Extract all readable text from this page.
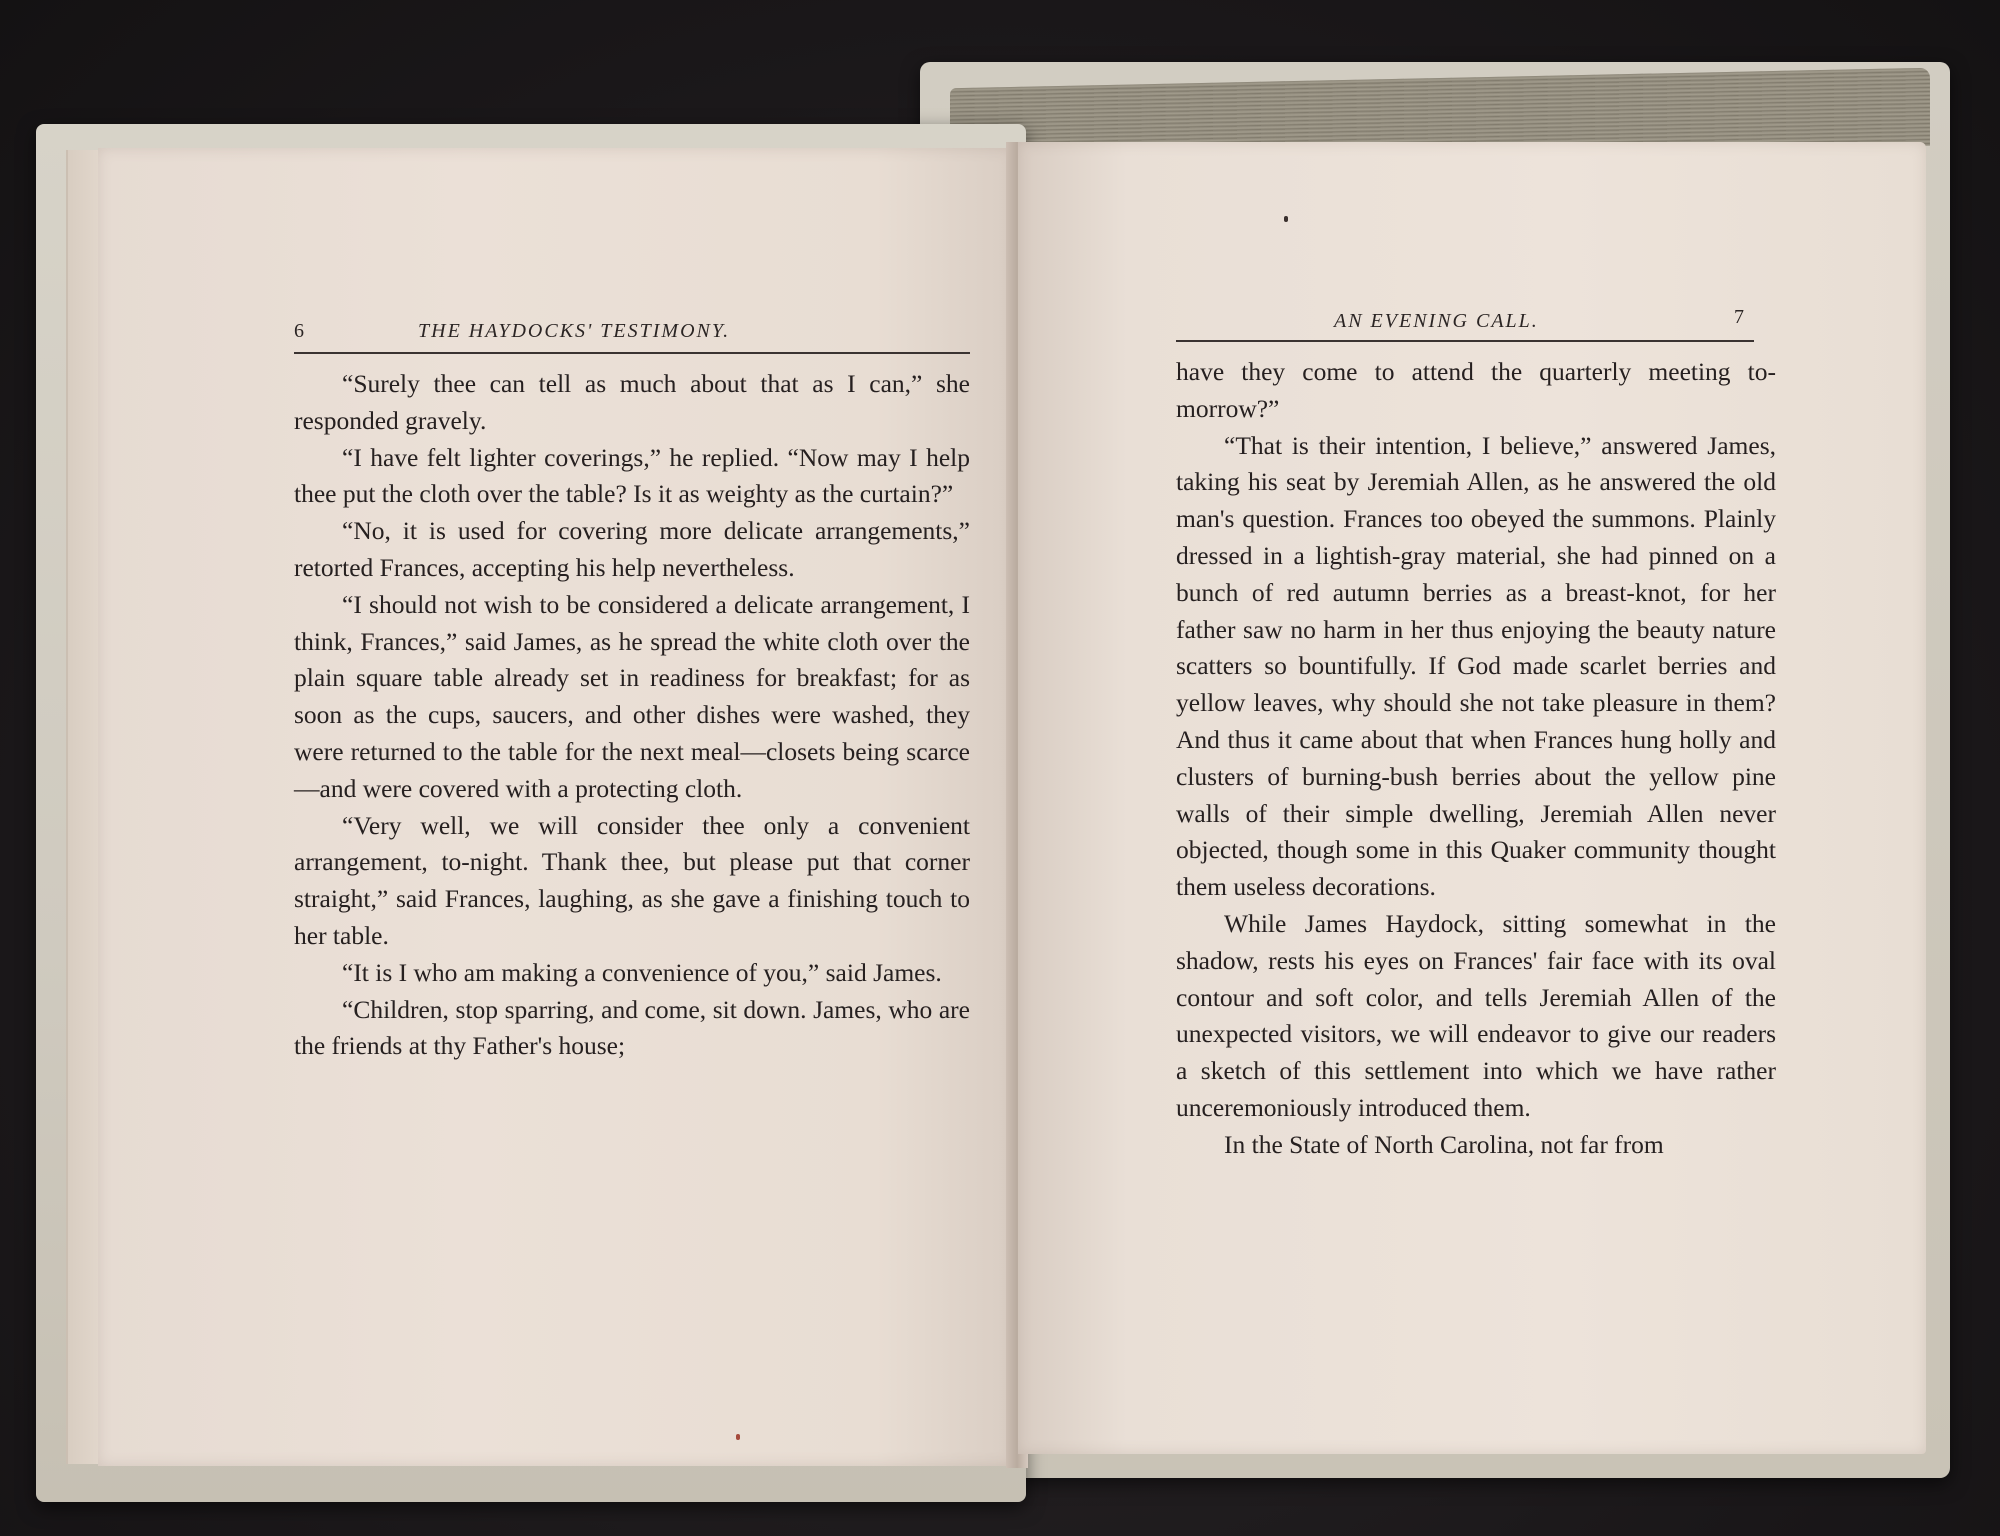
6	THE HAYDOCKS' TESTIMONY.

“Surely thee can tell as much about that as I can,” she responded gravely.

“I have felt lighter coverings,” he replied. “Now may I help thee put the cloth over the table? Is it as weighty as the curtain?”

“No, it is used for covering more delicate arrangements,” retorted Frances, accepting his help nevertheless.

“I should not wish to be considered a delicate arrangement, I think, Frances,” said James, as he spread the white cloth over the plain square table already set in readiness for breakfast; for as soon as the cups, saucers, and other dishes were washed, they were returned to the table for the next meal—closets being scarce—and were covered with a protecting cloth.

“Very well, we will consider thee only a convenient arrangement, to-night. Thank thee, but please put that corner straight,” said Frances, laughing, as she gave a finishing touch to her table.

“It is I who am making a convenience of you,” said James.

“Children, stop sparring, and come, sit down. James, who are the friends at thy Father's house;

AN EVENING CALL.	7

have they come to attend the quarterly meeting to-morrow?”

“That is their intention, I believe,” answered James, taking his seat by Jeremiah Allen, as he answered the old man's question. Frances too obeyed the summons. Plainly dressed in a lightish-gray material, she had pinned on a bunch of red autumn berries as a breast-knot, for her father saw no harm in her thus enjoying the beauty nature scatters so bountifully. If God made scarlet berries and yellow leaves, why should she not take pleasure in them? And thus it came about that when Frances hung holly and clusters of burning-bush berries about the yellow pine walls of their simple dwelling, Jeremiah Allen never objected, though some in this Quaker community thought them useless decorations.

While James Haydock, sitting somewhat in the shadow, rests his eyes on Frances' fair face with its oval contour and soft color, and tells Jeremiah Allen of the unexpected visitors, we will endeavor to give our readers a sketch of this settlement into which we have rather unceremoniously introduced them.

In the State of North Carolina, not far from
